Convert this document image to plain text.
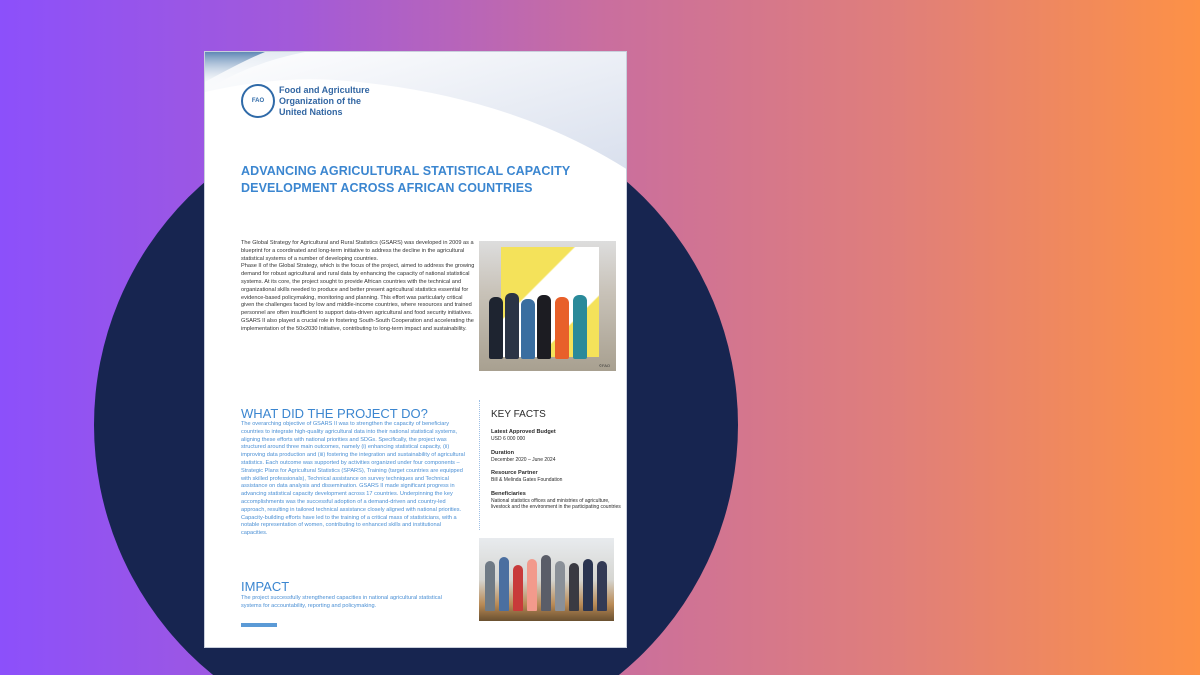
FAO
Food and Agriculture
Organization of the
United Nations
ADVANCING AGRICULTURAL STATISTICAL CAPACITY
DEVELOPMENT ACROSS AFRICAN COUNTRIES

The Global Strategy for Agricultural and Rural Statistics (GSARS) was developed in 2009 as a blueprint for a coordinated and long-term initiative to address the decline in the agricultural statistical systems of a number of developing countries.

Phase II of the Global Strategy, which is the focus of the project, aimed to address the growing demand for robust agricultural and rural data by enhancing the capacity of national statistical systems. At its core, the project sought to provide African countries with the technical and organizational skills needed to produce and better present agricultural statistics essential for evidence-based policymaking, monitoring and planning. This effort was particularly critical given the challenges faced by low and middle-income countries, where resources and trained personnel are often insufficient to support data-driven agricultural and food security initiatives.

GSARS II also played a crucial role in fostering South-South Cooperation and accelerating the implementation of the 50x2030 Initiative, contributing to long-term impact and sustainability.

©FAO
WHAT DID THE PROJECT DO?
The overarching objective of GSARS II was to strengthen the capacity of beneficiary countries to integrate high-quality agricultural data into their national statistical systems, aligning these efforts with national priorities and SDGs. Specifically, the project was structured around three main outcomes, namely (i) enhancing statistical capacity, (ii) improving data production and (iii) fostering the integration and sustainability of agricultural statistics. Each outcome was supported by activities organized under four components – Strategic Plans for Agricultural Statistics (SPARS), Training (target countries are equipped with skilled professionals), Technical assistance on survey techniques and Technical assistance on data analysis and dissemination. GSARS II made significant progress in advancing statistical capacity development across 17 countries. Underpinning the key accomplishments was the successful adoption of a demand-driven and country-led approach, resulting in tailored technical assistance closely aligned with national priorities. Capacity-building efforts have led to the training of a critical mass of statisticians, with a notable representation of women, contributing to enhanced skills and institutional capacities.
IMPACT
The project successfully strengthened capacities in national agricultural statistical systems for accountability, reporting and policymaking.
KEY FACTS
Latest Approved Budget
USD 6 000 000
Duration
December 2020 – June 2024
Resource Partner
Bill & Melinda Gates Foundation
Beneficiaries
National statistics offices and ministries of agriculture, livestock and the environment in the participating countries
